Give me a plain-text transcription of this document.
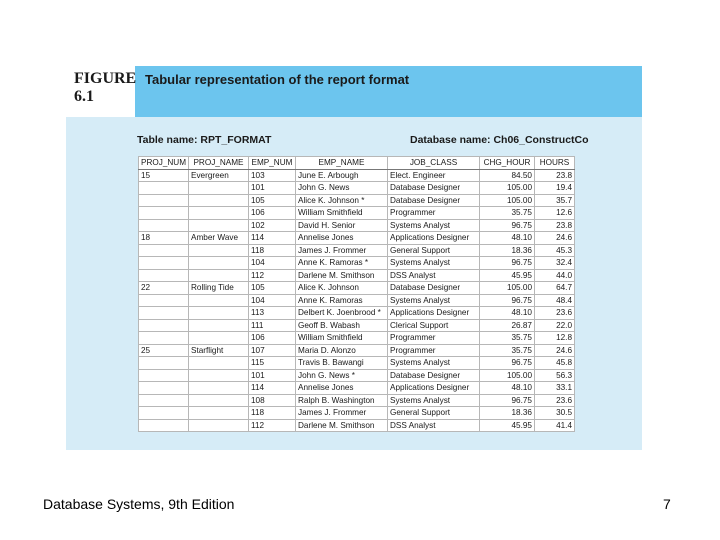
FIGURE
6.1

Tabular representation of the report format

Table name: RPT_FORMAT	Database name: Ch06_ConstructCo
PROJ_NUM	PROJ_NAME	EMP_NUM	EMP_NAME	JOB_CLASS	CHG_HOUR	HOURS
15	Evergreen	103	June E. Arbough	Elect. Engineer	84.50	23.8
		101	John G. News	Database Designer	105.00	19.4
		105	Alice K. Johnson *	Database Designer	105.00	35.7
		106	William Smithfield	Programmer	35.75	12.6
		102	David H. Senior	Systems Analyst	96.75	23.8
18	Amber Wave	114	Annelise Jones	Applications Designer	48.10	24.6
		118	James J. Frommer	General Support	18.36	45.3
		104	Anne K. Ramoras *	Systems Analyst	96.75	32.4
		112	Darlene M. Smithson	DSS Analyst	45.95	44.0
22	Rolling Tide	105	Alice K. Johnson	Database Designer	105.00	64.7
		104	Anne K. Ramoras	Systems Analyst	96.75	48.4
		113	Delbert K. Joenbrood *	Applications Designer	48.10	23.6
		111	Geoff B. Wabash	Clerical Support	26.87	22.0
		106	William Smithfield	Programmer	35.75	12.8
25	Starflight	107	Maria D. Alonzo	Programmer	35.75	24.6
		115	Travis B. Bawangi	Systems Analyst	96.75	45.8
		101	John G. News *	Database Designer	105.00	56.3
		114	Annelise Jones	Applications Designer	48.10	33.1
		108	Ralph B. Washington	Systems Analyst	96.75	23.6
		118	James J. Frommer	General Support	18.36	30.5
		112	Darlene M. Smithson	DSS Analyst	45.95	41.4
Database Systems, 9th Edition	7
